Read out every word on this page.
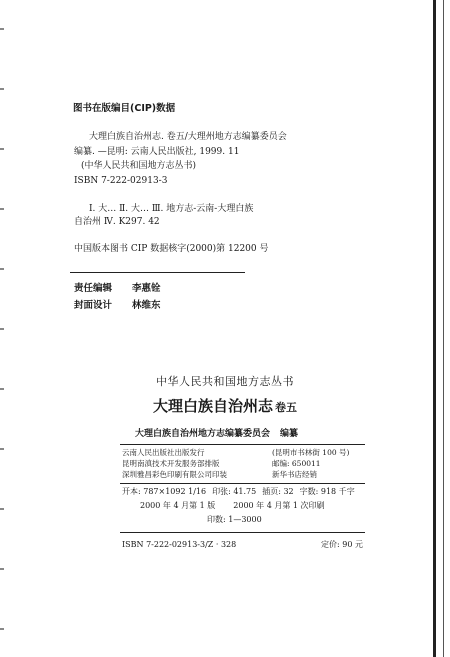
图书在版编目(CIP)数据
大理白族自治州志. 卷五/大理州地方志编纂委员会
编纂. —昆明: 云南人民出版社, 1999. 11
(中华人民共和国地方志丛书)
ISBN 7-222-02913-3
Ⅰ. 大… Ⅱ. 大… Ⅲ. 地方志-云南-大理白族
自治州 Ⅳ. K297. 42
中国版本图书 CIP 数据核字(2000)第 12200 号
责任编辑 李惠铨
封面设计 林维东
中华人民共和国地方志丛书
大理白族自治州志 卷五
大理白族自治州地方志编纂委员会 编纂
云南人民出版社出版发行	(昆明市书林街 100 号)
昆明南滇技术开发服务部排版	邮编: 650011
深圳雅昌彩色印刷有限公司印装	新华书店经销
开本: 787×1092 1/16 印张: 41.75 插页: 32 字数: 918 千字
2000 年 4 月第 1 版 2000 年 4 月第 1 次印刷
印数: 1—3000
ISBN 7-222-02913-3/Z · 328	定价: 90 元
